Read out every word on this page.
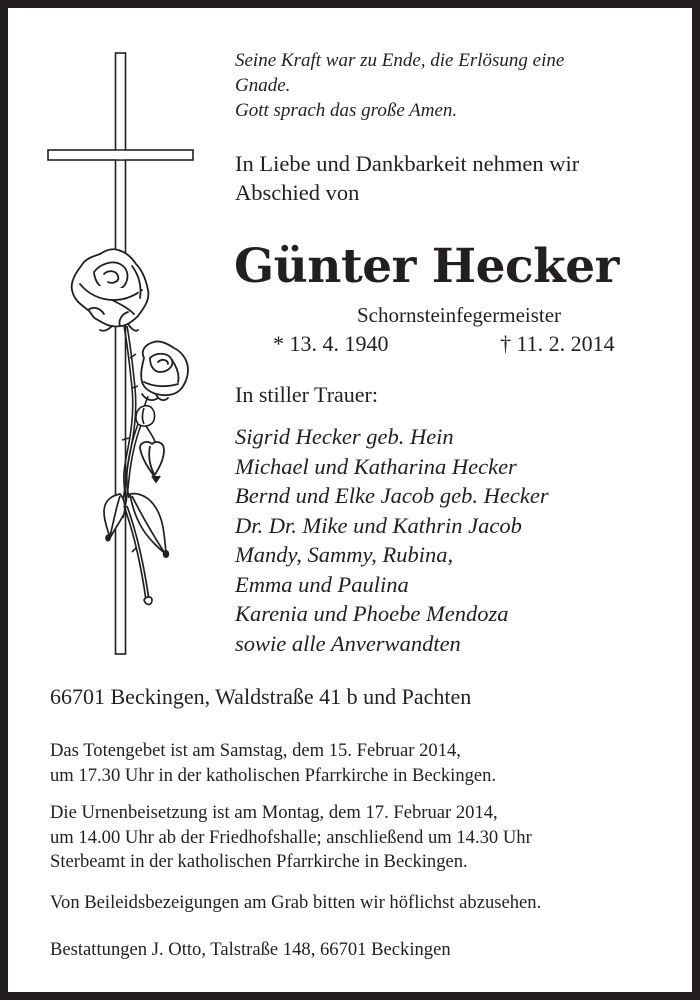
Seine Kraft war zu Ende, die Erlösung eine
Gnade.
Gott sprach das große Amen.
In Liebe und Dankbarkeit nehmen wir
Abschied von
Günter Hecker
Schornsteinfegermeister
* 13. 4. 1940	† 11. 2. 2014
In stiller Trauer:
Sigrid Hecker geb. Hein
Michael und Katharina Hecker
Bernd und Elke Jacob geb. Hecker
Dr. Dr. Mike und Kathrin Jacob
Mandy, Sammy, Rubina,
Emma und Paulina
Karenia und Phoebe Mendoza
sowie alle Anverwandten
66701 Beckingen, Waldstraße 41 b und Pachten
Das Totengebet ist am Samstag, dem 15. Februar 2014,
um 17.30 Uhr in der katholischen Pfarrkirche in Beckingen.
Die Urnenbeisetzung ist am Montag, dem 17. Februar 2014,
um 14.00 Uhr ab der Friedhofshalle; anschließend um 14.30 Uhr
Sterbeamt in der katholischen Pfarrkirche in Beckingen.
Von Beileidsbezeigungen am Grab bitten wir höflichst abzusehen.
Bestattungen J. Otto, Talstraße 148, 66701 Beckingen
